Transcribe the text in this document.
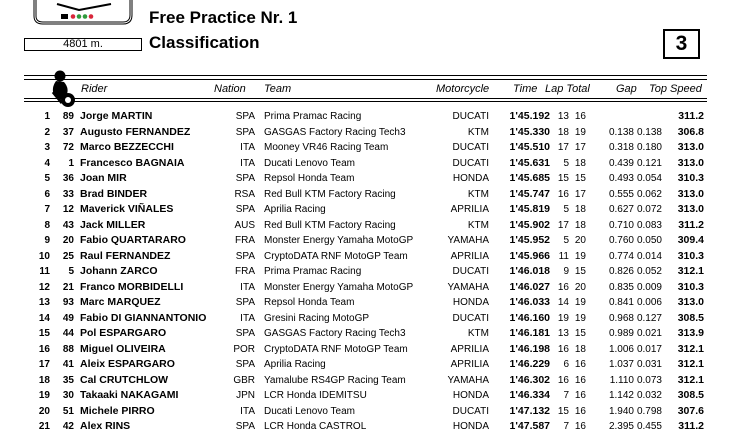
4801 m.
Free Practice Nr. 1
Classification	3
Rider	Nation Team	Motorcycle Time Lap Total Gap Top Speed
1 89 Jorge MARTIN	SPA Prima Pramac Racing	DUCATI 1'45.192 13 16	311.2
2 37 Augusto FERNANDEZ	SPA GASGAS Factory Racing Tech3	KTM 1'45.330 18 19 0.138 0.138 306.8
3 72 Marco BEZZECCHI	ITA Mooney VR46 Racing Team	DUCATI 1'45.510 17 17 0.318 0.180 313.0
4 1 Francesco BAGNAIA	ITA Ducati Lenovo Team	DUCATI 1'45.631 5 18 0.439 0.121 313.0
5 36 Joan MIR	SPA Repsol Honda Team	HONDA 1'45.685 15 15 0.493 0.054 310.3
6 33 Brad BINDER	RSA Red Bull KTM Factory Racing	KTM 1'45.747 16 17 0.555 0.062 313.0
7 12 Maverick VIÑALES	SPA Aprilia Racing	APRILIA 1'45.819 5 18 0.627 0.072 313.0
8 43 Jack MILLER	AUS Red Bull KTM Factory Racing	KTM 1'45.902 17 18 0.710 0.083 311.2
9 20 Fabio QUARTARARO	FRA Monster Energy Yamaha MotoGP	YAMAHA 1'45.952 5 20 0.760 0.050 309.4
10 25 Raul FERNANDEZ	SPA CryptoDATA RNF MotoGP Team	APRILIA 1'45.966 11 19 0.774 0.014 310.3
11 5 Johann ZARCO	FRA Prima Pramac Racing	DUCATI 1'46.018 9 15 0.826 0.052 312.1
12 21 Franco MORBIDELLI	ITA Monster Energy Yamaha MotoGP	YAMAHA 1'46.027 16 20 0.835 0.009 310.3
13 93 Marc MARQUEZ	SPA Repsol Honda Team	HONDA 1'46.033 14 19 0.841 0.006 313.0
14 49 Fabio DI GIANNANTONIO	ITA Gresini Racing MotoGP	DUCATI 1'46.160 19 19 0.968 0.127 308.5
15 44 Pol ESPARGARO	SPA GASGAS Factory Racing Tech3	KTM 1'46.181 13 15 0.989 0.021 313.9
16 88 Miguel OLIVEIRA	POR CryptoDATA RNF MotoGP Team	APRILIA 1'46.198 16 18 1.006 0.017 312.1
17 41 Aleix ESPARGARO	SPA Aprilia Racing	APRILIA 1'46.229 6 16 1.037 0.031 312.1
18 35 Cal CRUTCHLOW	GBR Yamalube RS4GP Racing Team	YAMAHA 1'46.302 16 16 1.110 0.073 312.1
19 30 Takaaki NAKAGAMI	JPN LCR Honda IDEMITSU	HONDA 1'46.334 7 16 1.142 0.032 308.5
20 51 Michele PIRRO	ITA Ducati Lenovo Team	DUCATI 1'47.132 15 16 1.940 0.798 307.6
21 42 Alex RINS	SPA LCR Honda CASTROL	HONDA 1'47.587 7 16 2.395 0.455 311.2
